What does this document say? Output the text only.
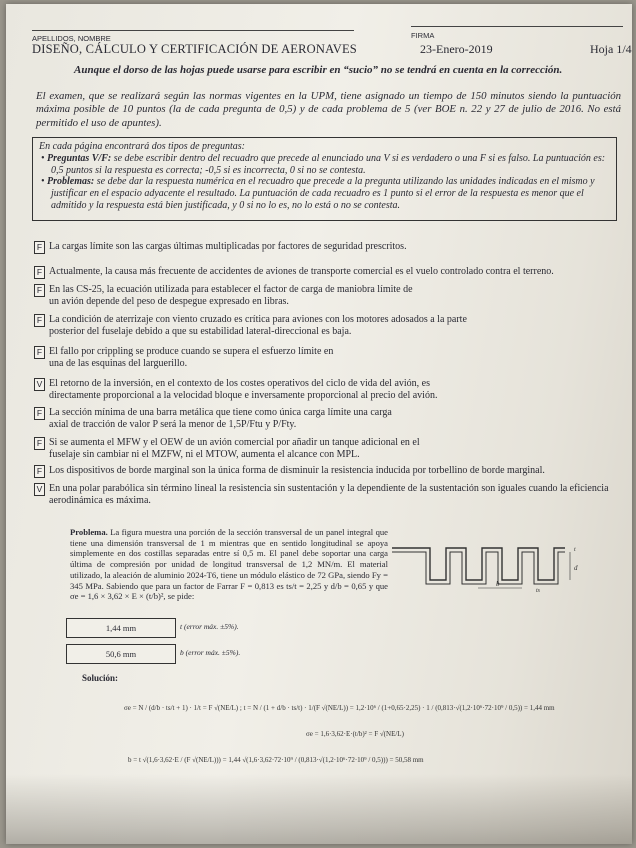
APELLIDOS, NOMBRE	FIRMA
DISEÑO, CÁLCULO Y CERTIFICACIÓN DE AERONAVES	23-Enero-2019	Hoja 1/4
Aunque el dorso de las hojas puede usarse para escribir en “sucio” no se tendrá en cuenta en la corrección.
El examen, que se realizará según las normas vigentes en la UPM, tiene asignado un tiempo de 150 minutos siendo la puntuación máxima posible de 10 puntos (la de cada pregunta de 0,5) y de cada problema de 5 (ver BOE n. 22 y 27 de julio de 2016. No está permitido el uso de apuntes).

En cada página encontrará dos tipos de preguntas:

• Preguntas V/F: se debe escribir dentro del recuadro que precede al enunciado una V si es verdadero o una F si es falso. La puntuación es: 0,5 puntos si la respuesta es correcta; -0,5 si es incorrecta, 0 si no se contesta.

• Problemas: se debe dar la respuesta numérica en el recuadro que precede a la pregunta utilizando las unidades indicadas en el mismo y justificar en el espacio adyacente el resultado. La puntuación de cada recuadro es 1 punto si el error de la respuesta es menor que el admitido y la respuesta está bien justificada, y 0 si no lo es, no lo está o no se contesta.

F La cargas límite son las cargas últimas multiplicadas por factores de seguridad prescritos.
F Actualmente, la causa más frecuente de accidentes de aviones de transporte comercial es el vuelo controlado contra el terreno.
F En las CS-25, la ecuación utilizada para establecer el factor de carga de maniobra límite de un avión depende del peso de despegue expresado en libras.
F La condición de aterrizaje con viento cruzado es crítica para aviones con los motores adosados a la parte posterior del fuselaje debido a que su estabilidad lateral-direccional es baja.
F El fallo por crippling se produce cuando se supera el esfuerzo límite en una de las esquinas del larguerillo.
V El retorno de la inversión, en el contexto de los costes operativos del ciclo de vida del avión, es directamente proporcional a la velocidad bloque e inversamente proporcional al precio del avión.
F La sección mínima de una barra metálica que tiene como única carga límite una carga axial de tracción de valor P será la menor de 1,5P/Ftu y P/Fty.
F Si se aumenta el MFW y el OEW de un avión comercial por añadir un tanque adicional en el fuselaje sin cambiar ni el MZFW, ni el MTOW, aumenta el alcance con MPL.
F Los dispositivos de borde marginal son la única forma de disminuir la resistencia inducida por torbellino de borde marginal.
V En una polar parabólica sin término lineal la resistencia sin sustentación y la dependiente de la sustentación son iguales cuando la eficiencia aerodinámica es máxima.
Problema. La figura muestra una porción de la sección transversal de un panel integral que tiene una dimensión transversal de 1 m mientras que en sentido longitudinal se apoya simplemente en dos costillas separadas entre sí 0,5 m. El panel debe soportar una carga última de compresión por unidad de longitud transversal de 1,2 MN/m. El material utilizado, la aleación de aluminio 2024-T6, tiene un módulo elástico de 72 GPa, siendo Fy = 345 MPa. Sabiendo que para un factor de Farrar F = 0,813 es ts/t = 2,25 y d/b = 0,65 y que σe = 1,6 × 3,62 × E × (t/b)², se pide:
b
d
t
ts
1,44 mm	t (error máx. ±5%).
50,6 mm	b (error máx. ±5%).
Solución:
σe = N / (d/b · ts/t + 1) · 1/t = F √(NE/L) ; t = N / (1 + d/b · ts/t) · 1/(F √(NE/L)) = 1,2·10⁶ / (1+0,65·2,25) · 1 / (0,813·√(1,2·10⁶·72·10⁹ / 0,5)) = 1,44 mm
σe = 1,6·3,62·E·(t/b)² = F √(NE/L)
b = t √(1,6·3,62·E / (F √(NE/L))) = 1,44 √(1,6·3,62·72·10⁹ / (0,813·√(1,2·10⁶·72·10⁹ / 0,5))) = 50,58 mm
